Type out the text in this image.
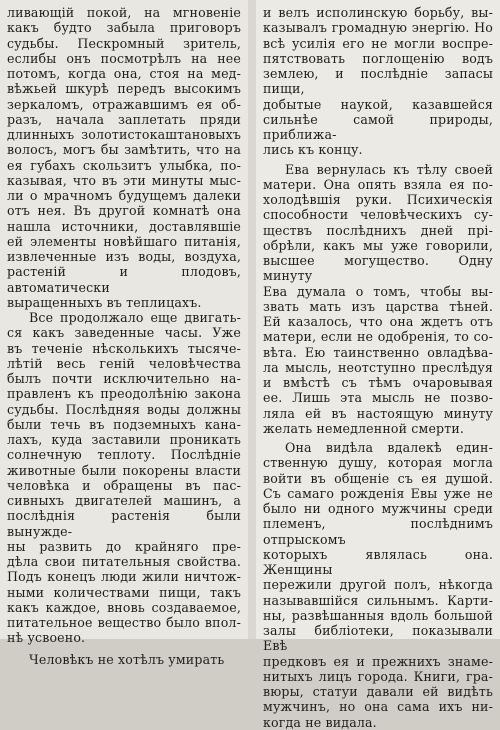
ливающій покой, на мгновеніе
какъ будто забыла приговоръ
судьбы. Пескромный зритель,
еслибы онъ посмотрѣлъ на нее
потомъ, когда она, стоя на мед-
вѣжьей шкурѣ передъ высокимъ
зеркаломъ, отражавшимъ ея об-
разъ, начала заплетать пряди
длинныхъ золотистокаштановыхъ
волосъ, могъ бы замѣтить, что на
ея губахъ скользитъ улыбка, по-
казывая, что въ эти минуты мыс-
ли о мрачномъ будущемъ далеки
отъ нея. Въ другой комнатѣ она
нашла источники, доставлявшіе
ей элементы новѣйшаго питанія,
извлеченные изъ воды, воздуха,
растеній и плодовъ, автоматически
выращенныхъ въ теплицахъ.

Все продолжало еще двигать-
ся какъ заведенные часы. Уже
въ теченіе нѣсколькихъ тысяче-
лѣтій весь геній человѣчества
былъ почти исключительно на-
правленъ къ преодолѣнію закона
судьбы. Послѣдняя воды должны
были течь въ подземныхъ кана-
лахъ, куда заставили проникать
солнечную теплоту. Послѣдніе
животные были покорены власти
человѣка и обращены въ пас-
сивныхъ двигателей машинъ, а
послѣднія растенія были вынужде-
ны развить до крайняго пре-
дѣла свои питательныя свойства.
Подъ конецъ люди жили ничтож-
ными количествами пищи, такъ
какъ каждое, вновь создаваемое,
питательное вещество было впол-
нѣ усвоено.

Человѣкъ не хотѣлъ умирать

и велъ исполинскую борьбу, вы-
казывалъ громадную энергію. Но
всѣ усилія его не могли воспре-
пятствовать поглощенію водъ
землею, и послѣдніе запасы пищи,
добытые наукой, казавшейся
сильнѣе самой природы, приближа-
лись къ концу.

Ева вернулась къ тѣлу своей
матери. Она опять взяла ея по-
холодѣвшія руки. Психическія
способности человѣческихъ су-
ществъ послѣднихъ дней прі-
обрѣли, какъ мы уже говорили,
высшее могущество. Одну минуту
Ева думала о томъ, чтобы вы-
звать мать изъ царства тѣней.
Ей казалось, что она ждетъ отъ
матери, если не одобренія, то со-
вѣта. Ею таинственно овладѣва-
ла мысль, неотступно преслѣдуя
и вмѣстѣ съ тѣмъ очаровывая
ее. Лишь эта мысль не позво-
ляла ей въ настоящую минуту
желать немедленной смерти.

Она видѣла вдалекѣ един-
ственную душу, которая могла
войти въ общеніе съ ея душой.
Съ самаго рожденія Евы уже не
было ни одного мужчины среди
племенъ, послѣднимъ отпрыскомъ
которыхъ являлась она. Женщины
пережили другой полъ, нѣкогда
называвшійся сильнымъ. Карти-
ны, развѣшанныя вдоль большой
залы библіотеки, показывали Евѣ
предковъ ея и прежнихъ знаме-
нитыхъ лицъ города. Книги, гра-
вюры, статуи давали ей видѣть
мужчинъ, но она сама ихъ ни-
когда не видала.
